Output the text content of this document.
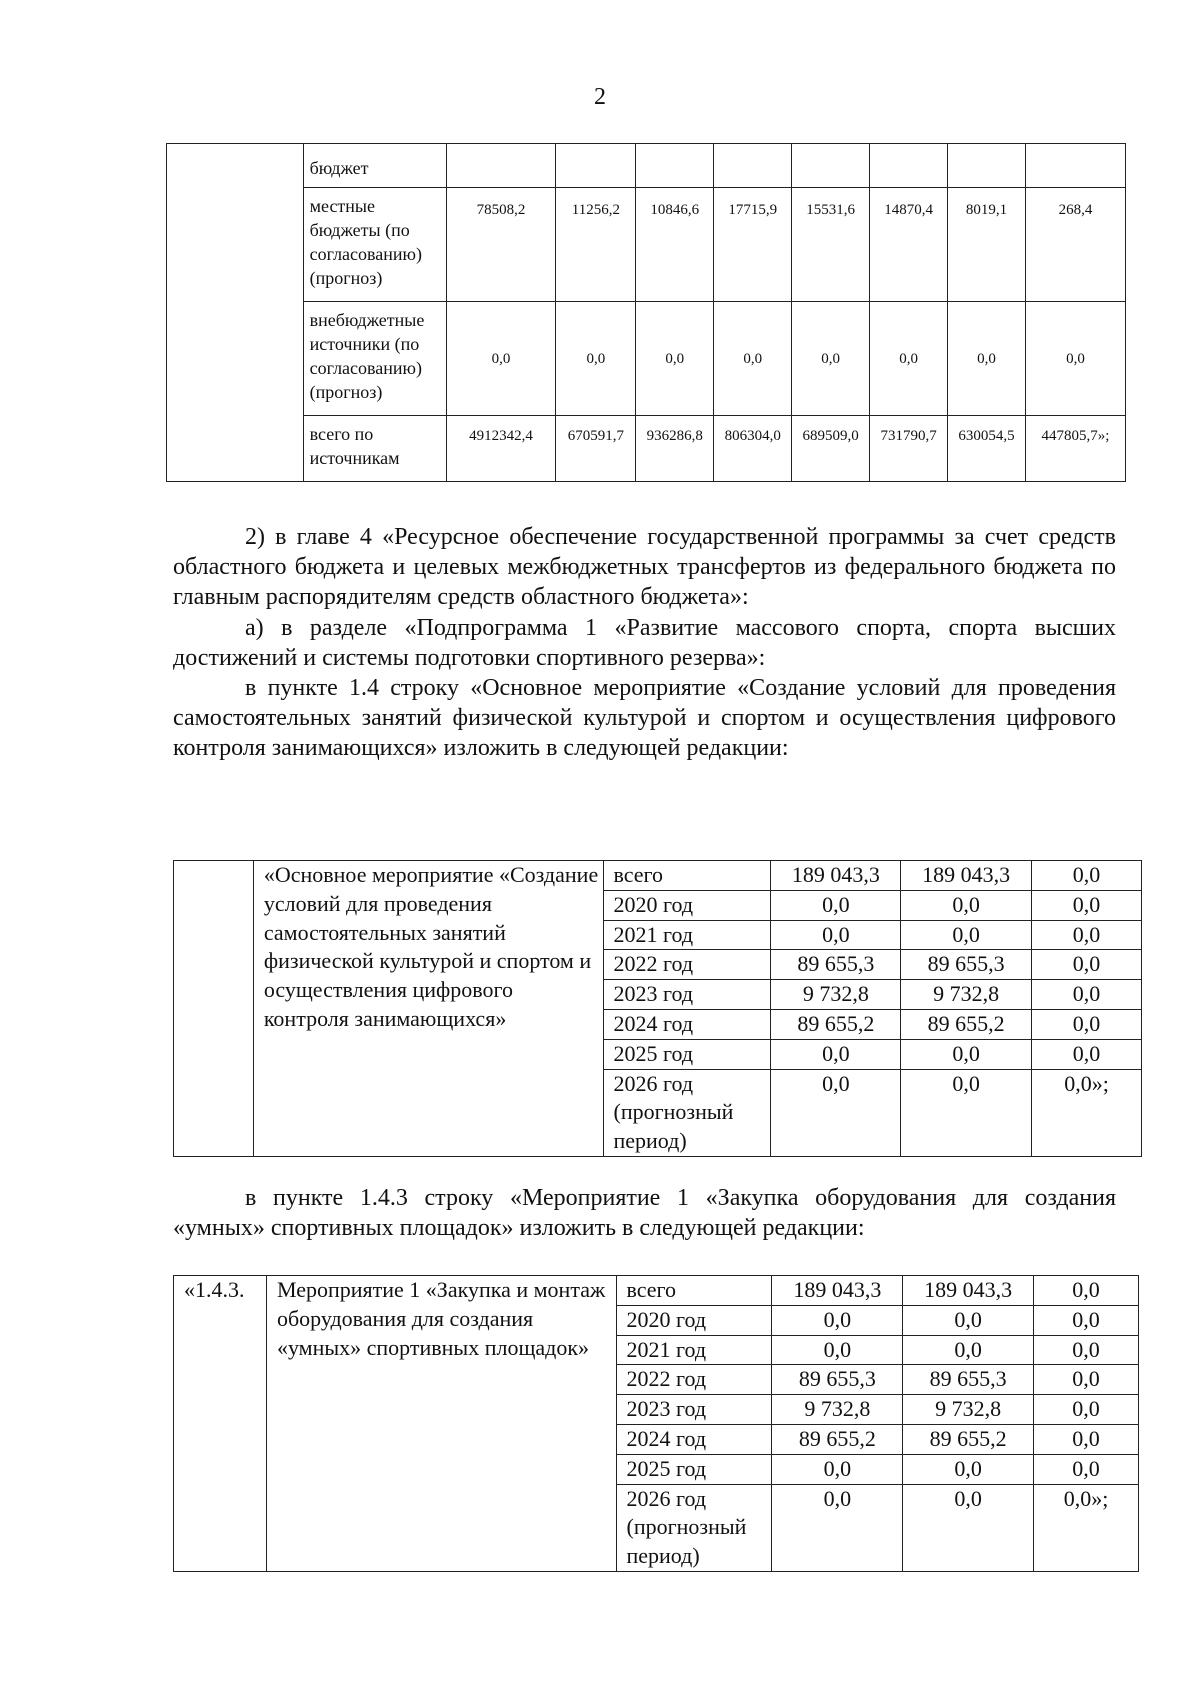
2
	бюджет								
	местные бюджеты (по согласованию) (прогноз)	78508,2	11256,2	10846,6	17715,9	15531,6	14870,4	8019,1	268,4
	внебюджетные источники (по согласованию) (прогноз)	0,0	0,0	0,0	0,0	0,0	0,0	0,0	0,0
	всего по источникам	4912342,4	670591,7	936286,8	806304,0	689509,0	731790,7	630054,5	447805,7»;

2) в главе 4 «Ресурсное обеспечение государственной программы за счет средств областного бюджета и целевых межбюджетных трансфертов из федерального бюджета по главным распорядителям средств областного бюджета»:

а) в разделе «Подпрограмма 1 «Развитие массового спорта, спорта высших достижений и системы подготовки спортивного резерва»:

в пункте 1.4 строку «Основное мероприятие «Создание условий для проведения самостоятельных занятий физической культурой и спортом и осуществления цифрового контроля занимающихся» изложить в следующей редакции:

	«Основное мероприятие «Создание условий для проведения самостоятельных занятий физической культурой и спортом и осуществления цифрового контроля занимающихся»	всего	189 043,3	189 043,3	0,0
		2020 год	0,0	0,0	0,0
		2021 год	0,0	0,0	0,0
		2022 год	89 655,3	89 655,3	0,0
		2023 год	9 732,8	9 732,8	0,0
		2024 год	89 655,2	89 655,2	0,0
		2025 год	0,0	0,0	0,0
		2026 год (прогнозный период)	0,0	0,0	0,0»;

в пункте 1.4.3 строку «Мероприятие 1 «Закупка оборудования для создания «умных» спортивных площадок» изложить в следующей редакции:

«1.4.3.	Мероприятие 1 «Закупка и монтаж оборудования для создания «умных» спортивных площадок»	всего	189 043,3	189 043,3	0,0
		2020 год	0,0	0,0	0,0
		2021 год	0,0	0,0	0,0
		2022 год	89 655,3	89 655,3	0,0
		2023 год	9 732,8	9 732,8	0,0
		2024 год	89 655,2	89 655,2	0,0
		2025 год	0,0	0,0	0,0
		2026 год (прогнозный период)	0,0	0,0	0,0»;
